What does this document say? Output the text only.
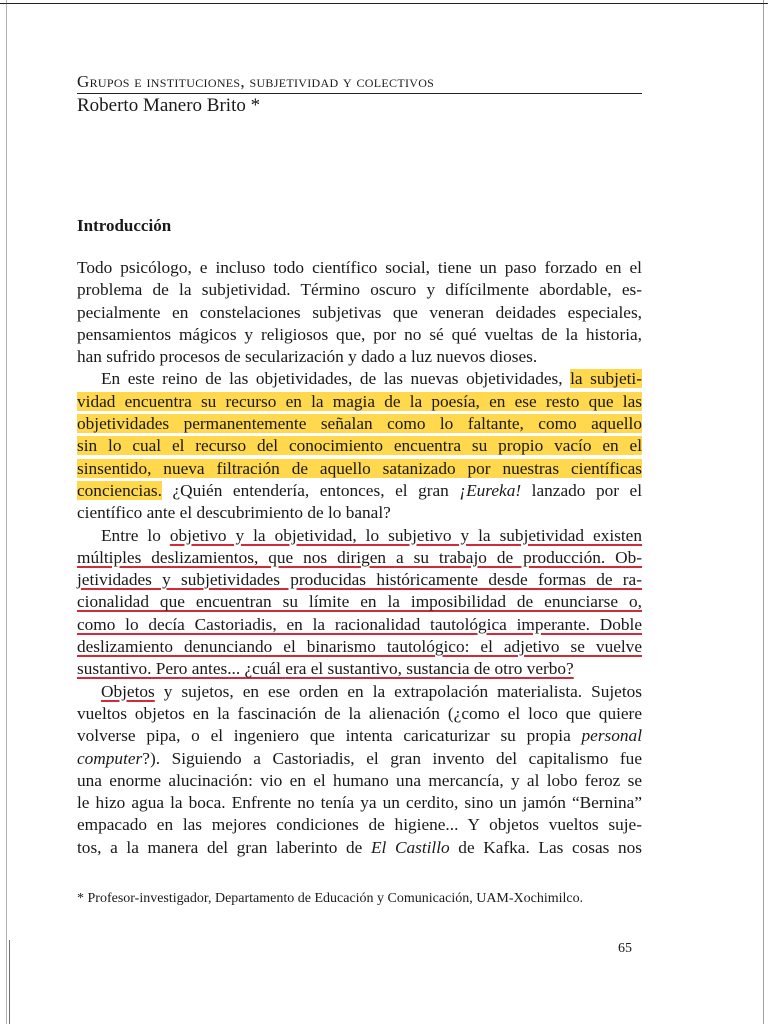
Grupos e instituciones, subjetividad y colectivos
Roberto Manero Brito *
Introducción
Todo psicólogo, e incluso todo científico social, tiene un paso forzado en el
problema de la subjetividad. Término oscuro y difícilmente abordable, es-
pecialmente en constelaciones subjetivas que veneran deidades especiales,
pensamientos mágicos y religiosos que, por no sé qué vueltas de la historia,
han sufrido procesos de secularización y dado a luz nuevos dioses.
En este reino de las objetividades, de las nuevas objetividades, la subjeti-
vidad encuentra su recurso en la magia de la poesía, en ese resto que las
objetividades permanentemente señalan como lo faltante, como aquello
sin lo cual el recurso del conocimiento encuentra su propio vacío en el
sinsentido, nueva filtración de aquello satanizado por nuestras científicas
conciencias. ¿Quién entendería, entonces, el gran ¡Eureka! lanzado por el
científico ante el descubrimiento de lo banal?
Entre lo objetivo y la objetividad, lo subjetivo y la subjetividad existen
múltiples deslizamientos, que nos dirigen a su trabajo de producción. Ob-
jetividades y subjetividades producidas históricamente desde formas de ra-
cionalidad que encuentran su límite en la imposibilidad de enunciarse o,
como lo decía Castoriadis, en la racionalidad tautológica imperante. Doble
deslizamiento denunciando el binarismo tautológico: el adjetivo se vuelve
sustantivo. Pero antes... ¿cuál era el sustantivo, sustancia de otro verbo?
Objetos y sujetos, en ese orden en la extrapolación materialista. Sujetos
vueltos objetos en la fascinación de la alienación (¿como el loco que quiere
volverse pipa, o el ingeniero que intenta caricaturizar su propia personal
computer?). Siguiendo a Castoriadis, el gran invento del capitalismo fue
una enorme alucinación: vio en el humano una mercancía, y al lobo feroz se
le hizo agua la boca. Enfrente no tenía ya un cerdito, sino un jamón “Bernina”
empacado en las mejores condiciones de higiene... Y objetos vueltos suje-
tos, a la manera del gran laberinto de El Castillo de Kafka. Las cosas nos
* Profesor-investigador, Departamento de Educación y Comunicación, UAM-Xochimilco.
65
